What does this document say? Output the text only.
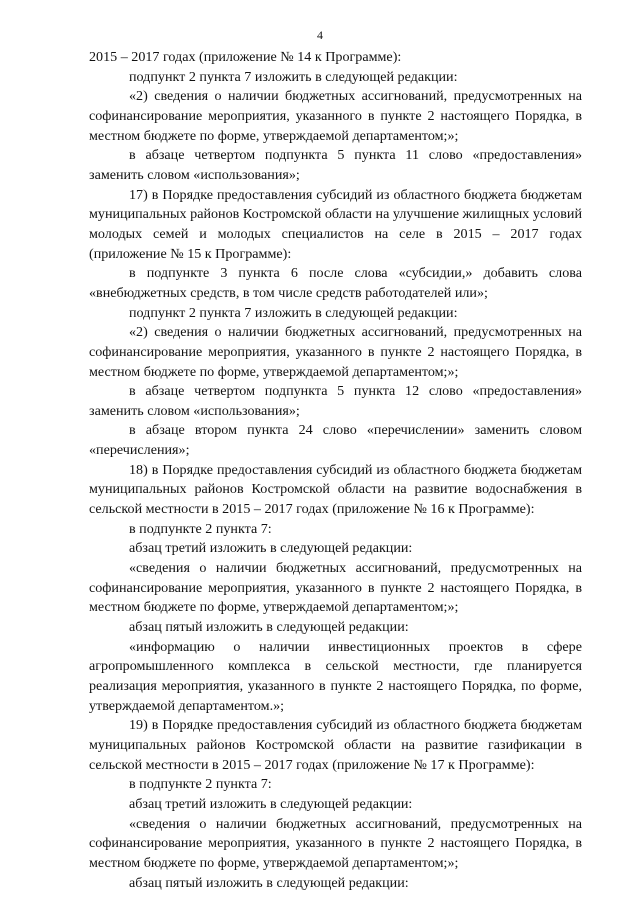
4

2015 – 2017 годах (приложение № 14 к Программе):

подпункт 2 пункта 7 изложить в следующей редакции:

«2) сведения о наличии бюджетных ассигнований, предусмотренных на софинансирование мероприятия, указанного в пункте 2 настоящего Порядка, в местном бюджете по форме, утверждаемой департаментом;»;

в абзаце четвертом подпункта 5 пункта 11 слово «предоставления» заменить словом «использования»;

17) в Порядке предоставления субсидий из областного бюджета бюджетам муниципальных районов Костромской области на улучшение жилищных условий молодых семей и молодых специалистов на селе в 2015 – 2017 годах (приложение № 15 к Программе):

в подпункте 3 пункта 6 после слова «субсидии,» добавить слова «внебюджетных средств, в том числе средств работодателей или»;

подпункт 2 пункта 7 изложить в следующей редакции:

«2) сведения о наличии бюджетных ассигнований, предусмотренных на софинансирование мероприятия, указанного в пункте 2 настоящего Порядка, в местном бюджете по форме, утверждаемой департаментом;»;

в абзаце четвертом подпункта 5 пункта 12 слово «предоставления» заменить словом «использования»;

в абзаце втором пункта 24 слово «перечислении» заменить словом «перечисления»;

18) в Порядке предоставления субсидий из областного бюджета бюджетам муниципальных районов Костромской области на развитие водоснабжения в сельской местности в 2015 – 2017 годах (приложение № 16 к Программе):

в подпункте 2 пункта 7:

абзац третий изложить в следующей редакции:

«сведения о наличии бюджетных ассигнований, предусмотренных на софинансирование мероприятия, указанного в пункте 2 настоящего Порядка, в местном бюджете по форме, утверждаемой департаментом;»;

абзац пятый изложить в следующей редакции:

«информацию о наличии инвестиционных проектов в сфере агропромышленного комплекса в сельской местности, где планируется реализация мероприятия, указанного в пункте 2 настоящего Порядка, по форме, утверждаемой департаментом.»;

19) в Порядке предоставления субсидий из областного бюджета бюджетам муниципальных районов Костромской области на развитие газификации в сельской местности в 2015 – 2017 годах (приложение № 17 к Программе):

в подпункте 2 пункта 7:

абзац третий изложить в следующей редакции:

«сведения о наличии бюджетных ассигнований, предусмотренных на софинансирование мероприятия, указанного в пункте 2 настоящего Порядка, в местном бюджете по форме, утверждаемой департаментом;»;

абзац пятый изложить в следующей редакции:
